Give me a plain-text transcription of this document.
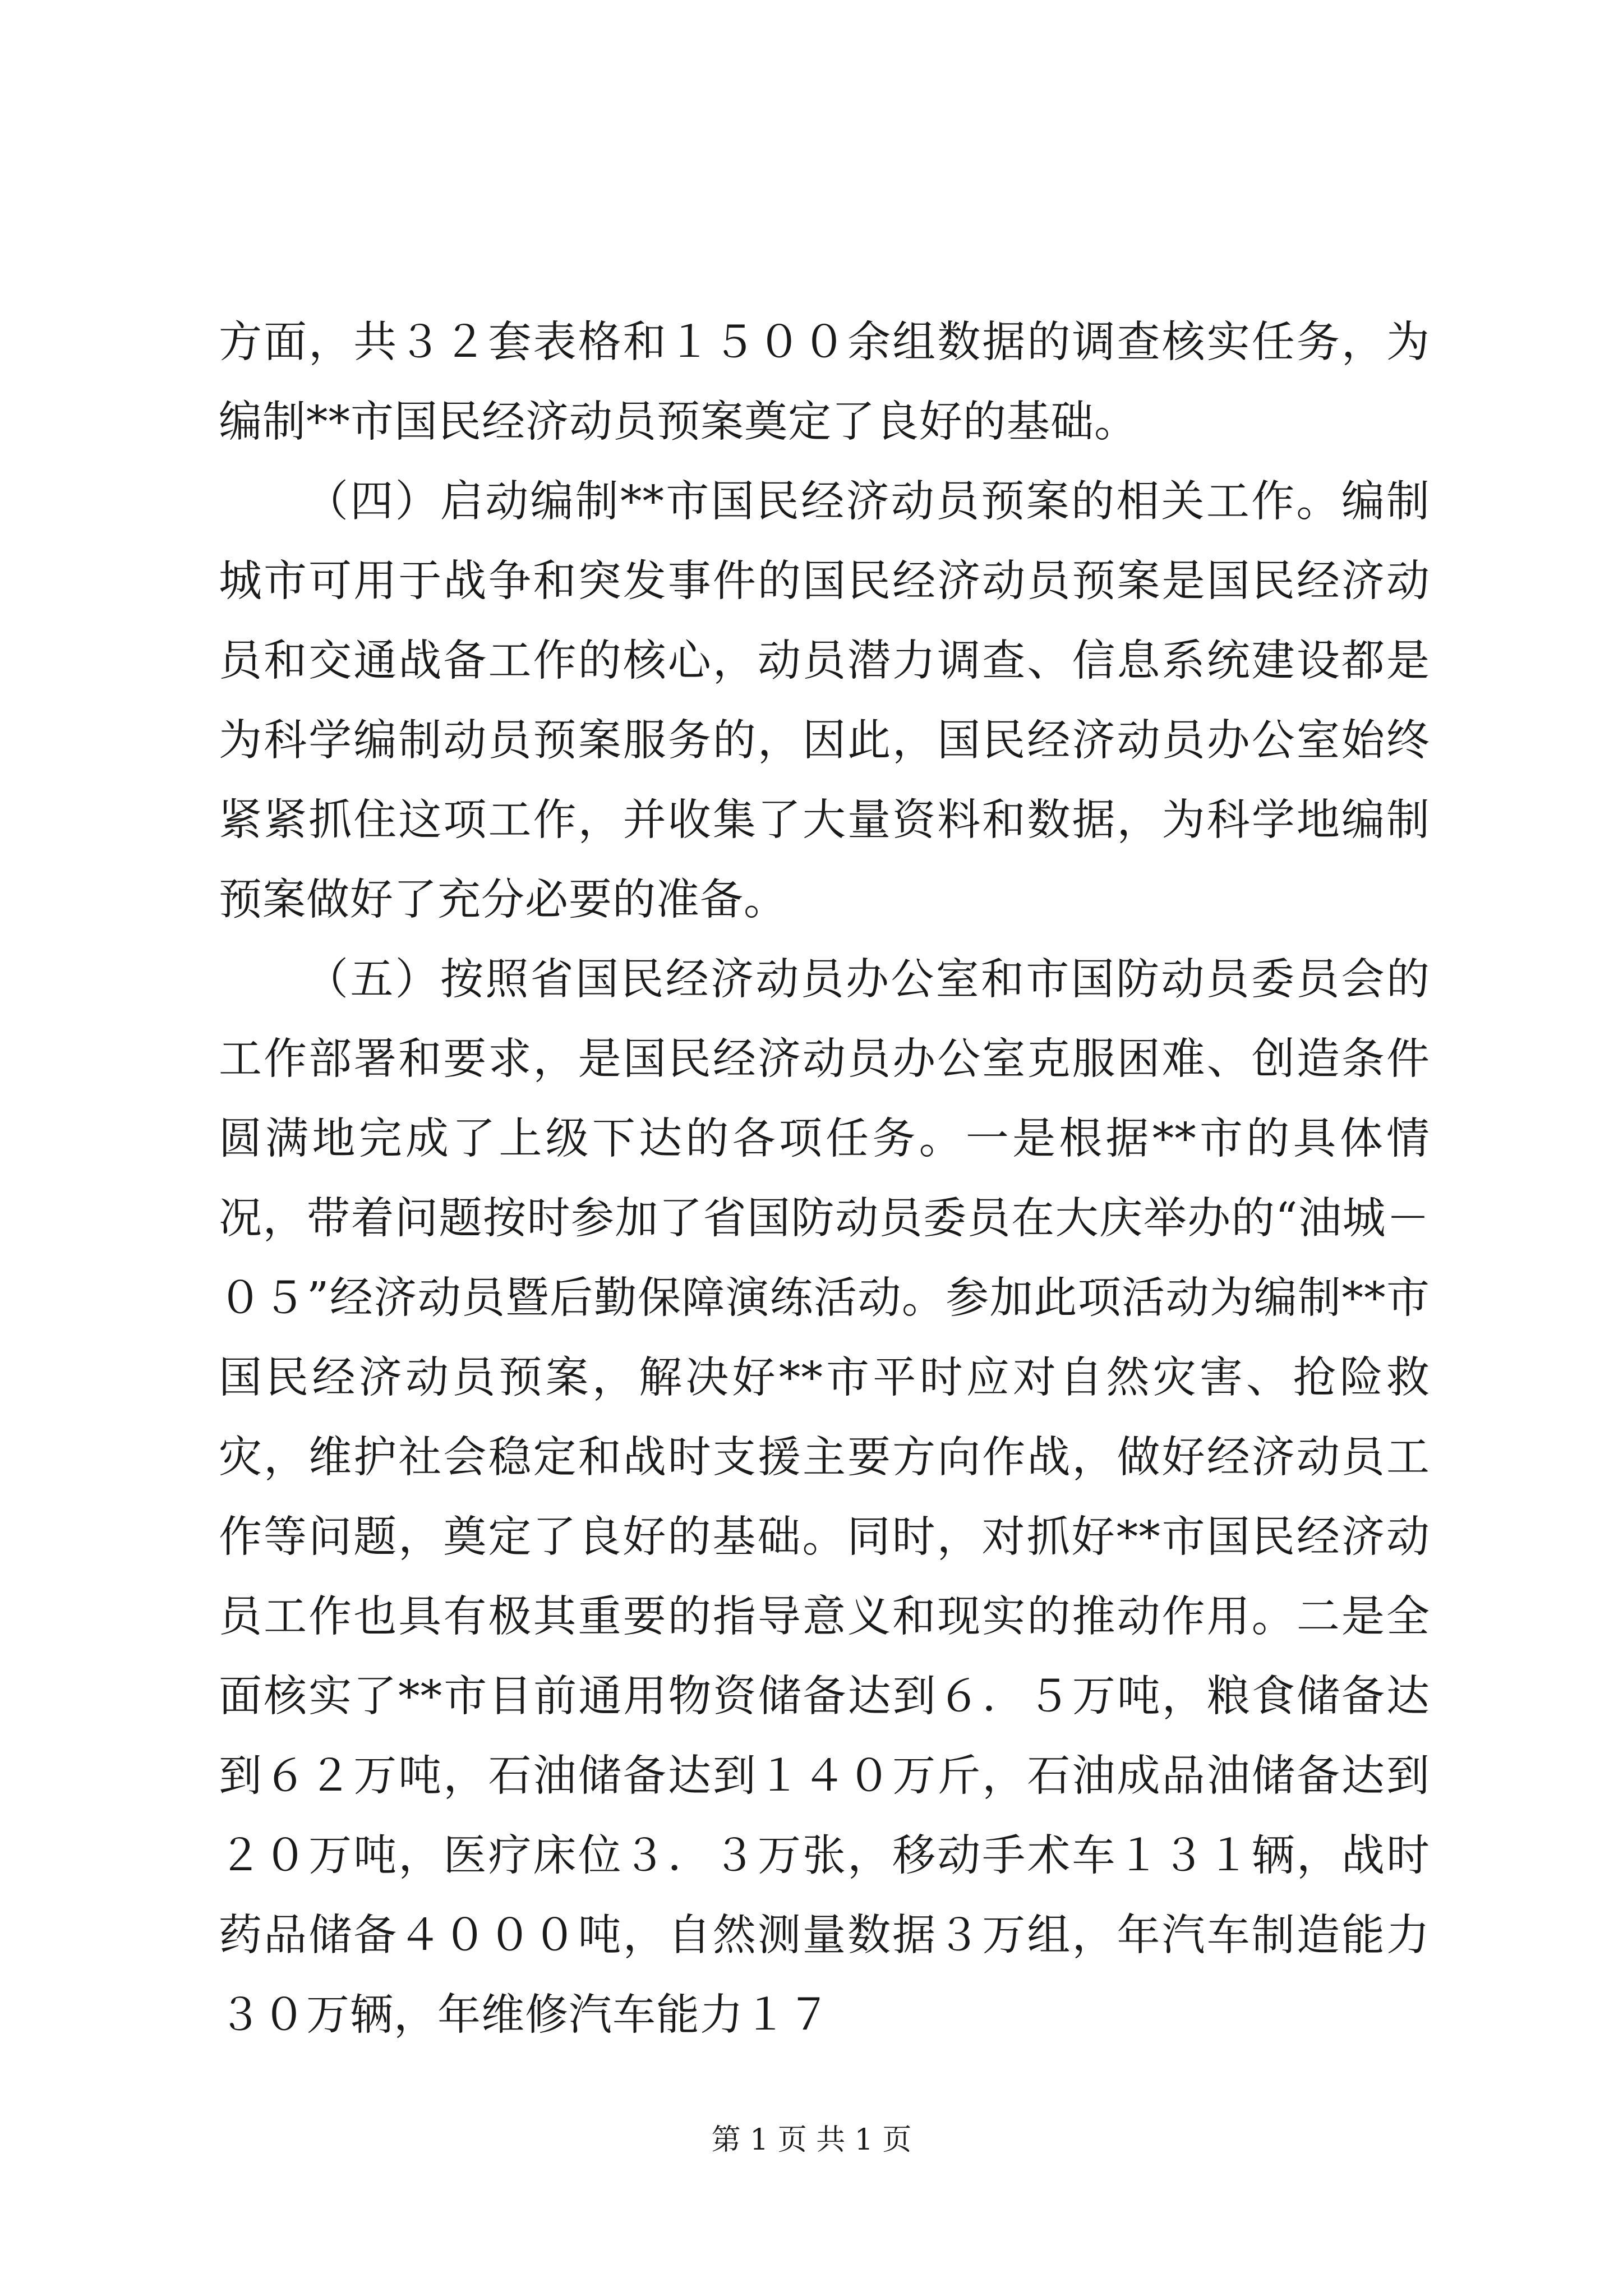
方面，共３２套表格和１５００余组数据的调查核实任务，为编制**市国民经济动员预案奠定了良好的基础。

（四）启动编制**市国民经济动员预案的相关工作。编制城市可用于战争和突发事件的国民经济动员预案是国民经济动员和交通战备工作的核心，动员潜力调查、信息系统建设都是为科学编制动员预案服务的，因此，国民经济动员办公室始终紧紧抓住这项工作，并收集了大量资料和数据，为科学地编制预案做好了充分必要的准备。

（五）按照省国民经济动员办公室和市国防动员委员会的工作部署和要求，是国民经济动员办公室克服困难、创造条件圆满地完成了上级下达的各项任务。一是根据**市的具体情况，带着问题按时参加了省国防动员委员在大庆举办的“油城－０５”经济动员暨后勤保障演练活动。参加此项活动为编制**市国民经济动员预案，解决好**市平时应对自然灾害、抢险救灾，维护社会稳定和战时支援主要方向作战，做好经济动员工作等问题，奠定了良好的基础。同时，对抓好**市国民经济动员工作也具有极其重要的指导意义和现实的推动作用。二是全面核实了**市目前通用物资储备达到６．５万吨，粮食储备达到６２万吨，石油储备达到１４０万斤，石油成品油储备达到２０万吨，医疗床位３．３万张，移动手术车１３１辆，战时药品储备４０００吨，自然测量数据３万组，年汽车制造能力３０万辆，年维修汽车能力１７

第 1 页 共 1 页
